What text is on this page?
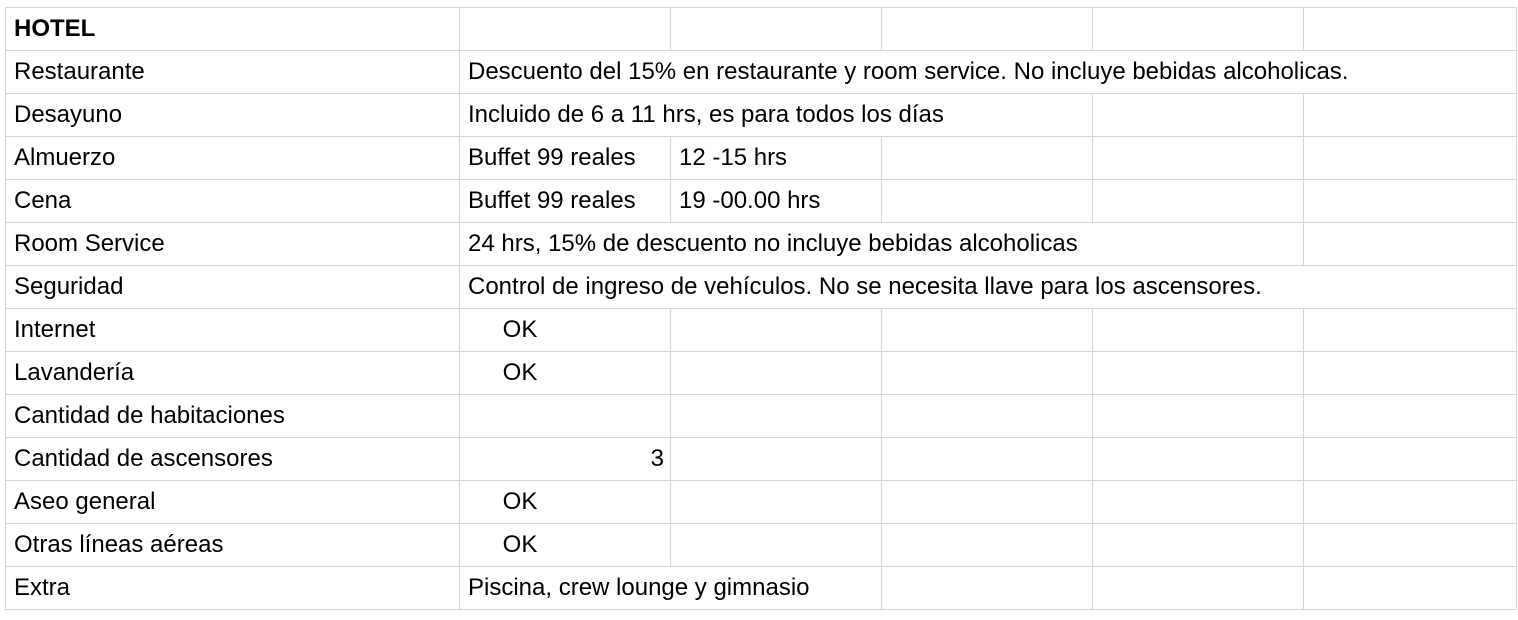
HOTEL					
Restaurante	Descuento del 15% en restaurante y room service. No incluye bebidas alcoholicas.				
Desayuno	Incluido de 6 a 11 hrs, es para todos los días				
Almuerzo	Buffet 99 reales	12 -15 hrs			
Cena	Buffet 99 reales	19 -00.00 hrs			
Room Service	24 hrs, 15% de descuento no incluye bebidas alcoholicas				
Seguridad	Control de ingreso de vehículos. No se necesita llave para los ascensores.				
Internet	OK				
Lavandería	OK				
Cantidad de habitaciones					
Cantidad de ascensores	3				
Aseo general	OK				
Otras líneas aéreas	OK				
Extra	Piscina, crew lounge y gimnasio				
